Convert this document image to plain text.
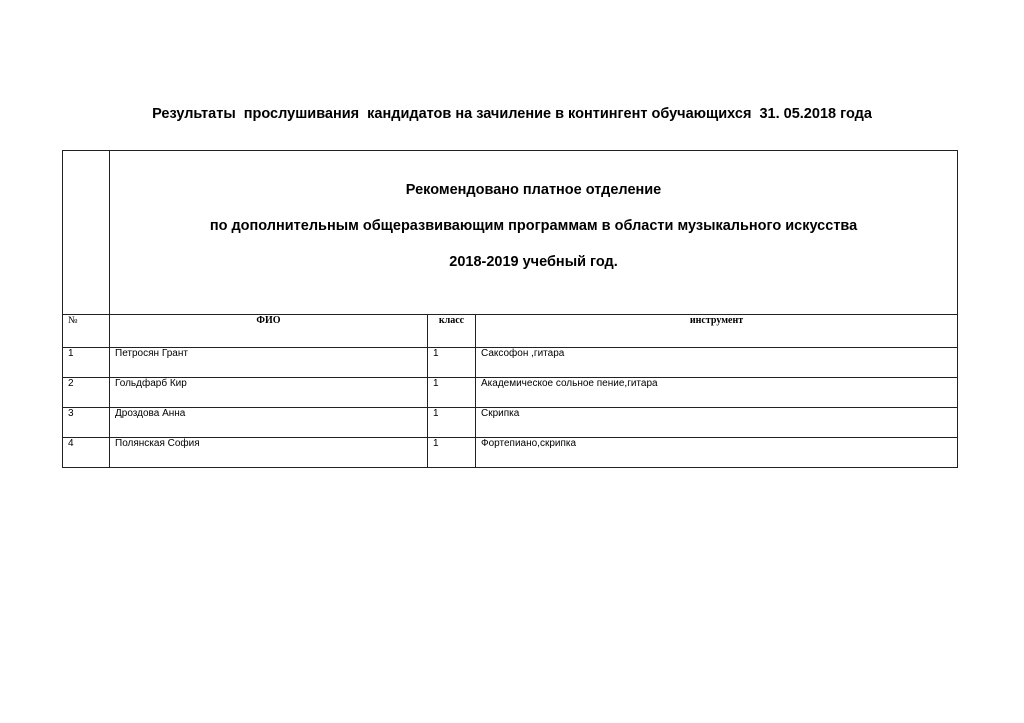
Результаты  прослушивания  кандидатов на зачиление в контингент обучающихся  31. 05.2018 года

	Рекомендовано платное отделение

по дополнительным общеразвивающим программам в области музыкального искусства

2018-2019 учебный год.		

№	ФИО	класс	инструмент
1	Петросян Грант	1	Саксофон ,гитара
2	Гольдфарб Кир	1	Академическое сольное пение,гитара
3	Дроздова Анна	1	Скрипка
4	Полянская София	1	Фортепиано,скрипка
